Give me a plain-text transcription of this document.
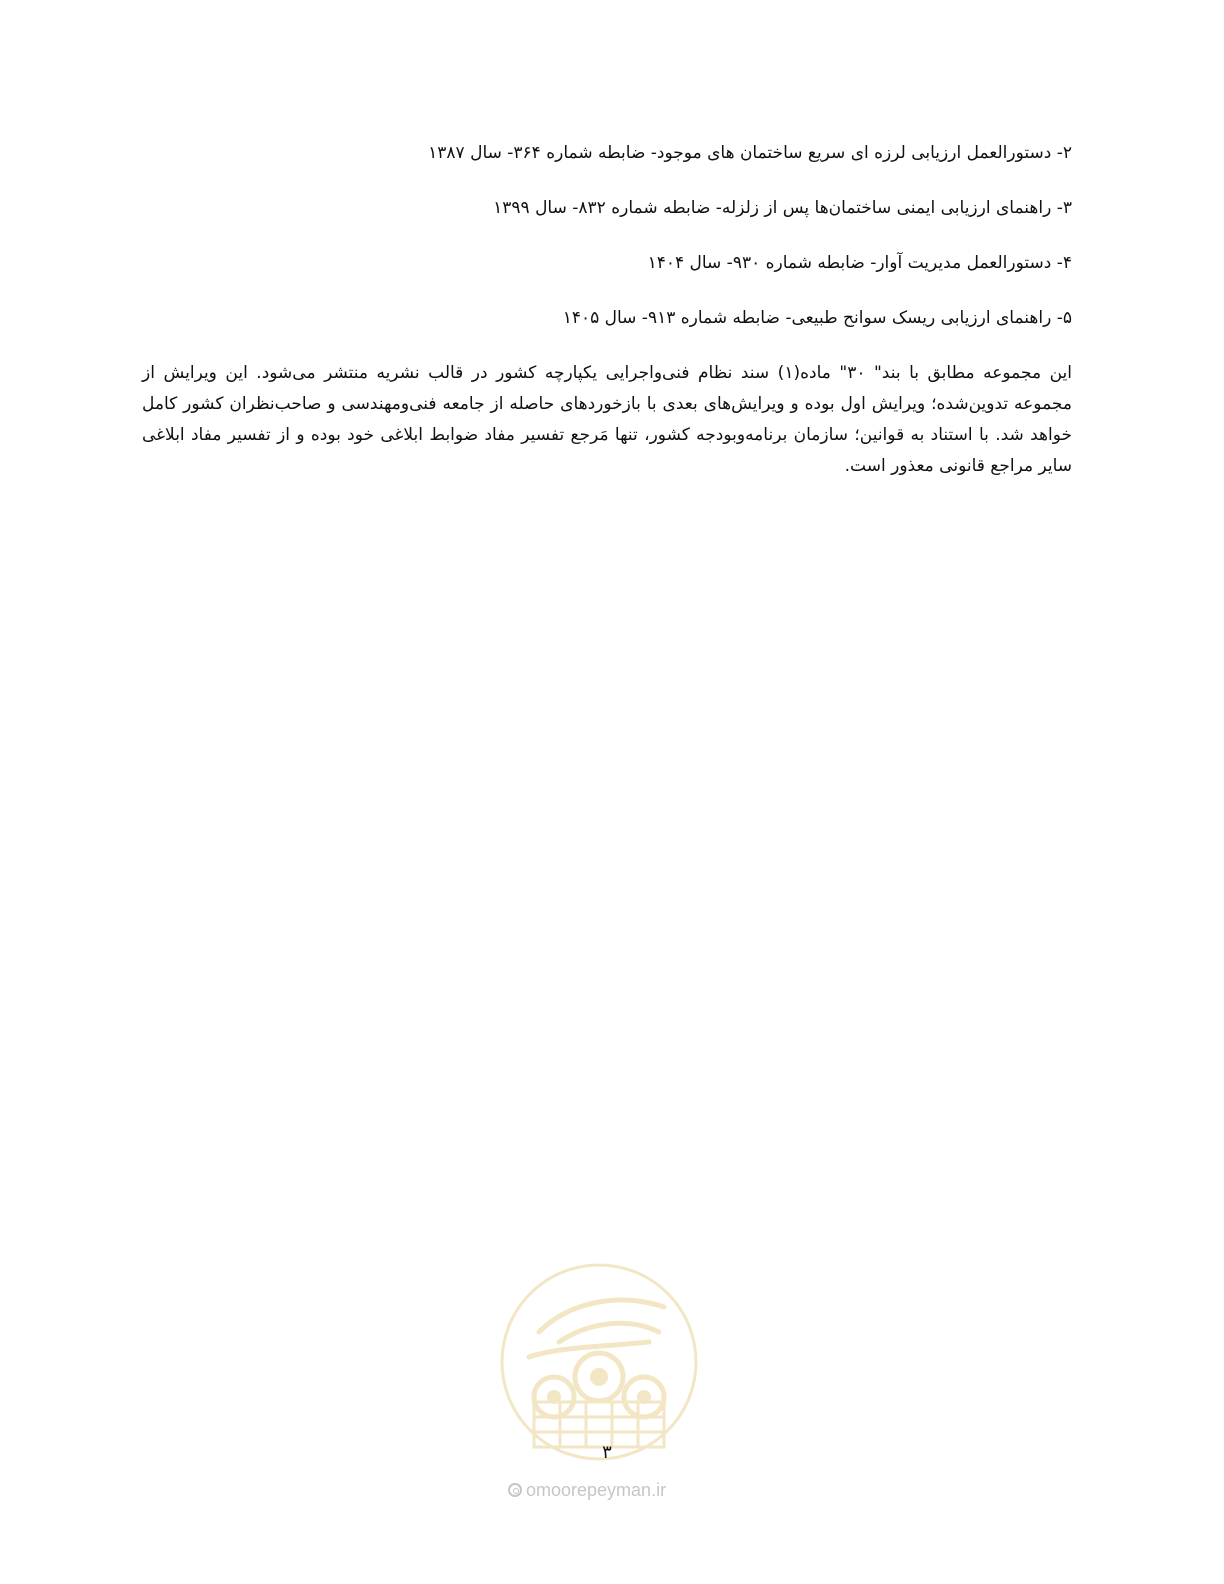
۲- دستورالعمل ارزیابی لرزه ای سریع ساختمان های موجود- ضابطه شماره ۳۶۴- سال ۱۳۸۷
۳- راهنمای ارزیابی ایمنی ساختمان‌ها پس از زلزله- ضابطه شماره ۸۳۲- سال ۱۳۹۹
۴- دستورالعمل مدیریت آوار- ضابطه شماره ۹۳۰- سال ۱۴۰۴
۵- راهنمای ارزیابی ریسک سوانح طبیعی- ضابطه شماره ۹۱۳- سال ۱۴۰۵
این مجموعه مطابق با بند" ۳۰" ماده(۱) سند نظام فنی‌واجرایی یکپارچه کشور در قالب نشریه منتشر می‌شود. این ویرایش از مجموعه تدوین‌شده؛ ویرایش اول بوده و ویرایش‌های بعدی با بازخوردهای حاصله از جامعه فنی‌ومهندسی و صاحب‌نظران کشور کامل خواهد شد. با استناد به قوانین؛ سازمان برنامه‌وبودجه کشور، تنها مَرجع تفسیر مفاد ضوابط ابلاغی خود بوده و از تفسیر مفاد ابلاغی سایر مراجع قانونی معذور است.
۳
omoorepeyman.ir
